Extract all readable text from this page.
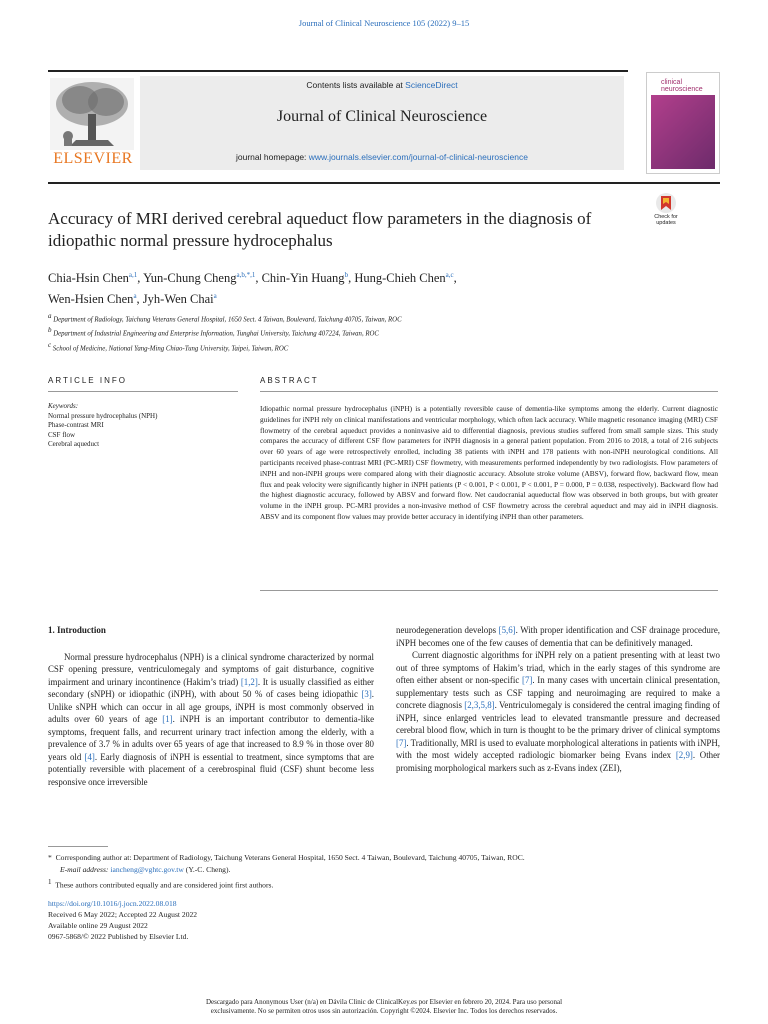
Journal of Clinical Neuroscience 105 (2022) 9–15
ELSEVIER
Contents lists available at ScienceDirect
Journal of Clinical Neuroscience
journal homepage: www.journals.elsevier.com/journal-of-clinical-neuroscience
clinical neuroscience
Check for updates
Accuracy of MRI derived cerebral aqueduct flow parameters in the diagnosis of idiopathic normal pressure hydrocephalus
Chia-Hsin Chen$^{a,1}$, Yun-Chung Cheng$^{a,b,*,1}$, Chin-Yin Huang$^b$, Hung-Chieh Chen$^{a,c}$,
Wen-Hsien Chen$^a$, Jyh-Wen Chai$^a$
$^a$ Department of Radiology, Taichung Veterans General Hospital, 1650 Sect. 4 Taiwan, Boulevard, Taichung 40705, Taiwan, ROC
$^b$ Department of Industrial Engineering and Enterprise Information, Tunghai University, Taichung 407224, Taiwan, ROC
$^c$ School of Medicine, National Yang-Ming Chiao-Tung University, Taipei, Taiwan, ROC
ARTICLE INFO	ABSTRACT
Keywords:
Normal pressure hydrocephalus (NPH)
Phase-contrast MRI
CSF flow
Cerebral aqueduct
Idiopathic normal pressure hydrocephalus (iNPH) is a potentially reversible cause of dementia-like symptoms among the elderly. Current diagnostic guidelines for iNPH rely on clinical manifestations and ventricular morphology, which often lack accuracy. While magnetic resonance imaging (MRI) CSF flowmetry of the cerebral aqueduct provides a noninvasive aid to differential diagnosis, previous studies suffered from small sample sizes. This study compares the accuracy of different CSF flow parameters for iNPH diagnosis in a general patient population. From 2016 to 2018, a total of 216 subjects over 60 years of age were retrospectively enrolled, including 38 patients with iNPH and 178 patients with non-iNPH neurological conditions. All participants received phase-contrast MRI (PC-MRI) CSF flowmetry, with measurements performed independently by two radiologists. Flow parameters of iNPH and non-iNPH groups were compared along with their diagnostic accuracy. Absolute stroke volume (ABSV), forward flow, backward flow, mean flux and peak velocity were significantly higher in iNPH patients (P < 0.001, P < 0.001, P < 0.001, P = 0.000, P = 0.038, respectively). Backward flow had the highest diagnostic accuracy, followed by ABSV and forward flow. Net caudocranial aqueductal flow was observed in both groups, but with greater volume in the iNPH group. PC-MRI provides a non-invasive method of CSF flowmetry across the cerebral aqueduct and may aid in iNPH diagnosis. ABSV and its component flow values may provide better accuracy in identifying iNPH than other parameters.

1. Introduction

Normal pressure hydrocephalus (NPH) is a clinical syndrome characterized by normal CSF opening pressure, ventriculomegaly and symptoms of gait disturbance, cognitive impairment and urinary incontinence (Hakim’s triad) [1,2]. It is usually classified as either secondary (sNPH) or idiopathic (iNPH), with about 50 % of cases being idiopathic [3]. Unlike sNPH which can occur in all age groups, iNPH is most commonly observed in adults over 60 years of age [1]. iNPH is an important contributor to dementia-like symptoms, frequent falls, and recurrent urinary tract infection among the elderly, with a prevalence of 3.7 % in adults over 65 years of age that increased to 8.9 % in those over 80 years old [4]. Early diagnosis of iNPH is essential to treatment, since symptoms that are potentially reversible with placement of a cerebrospinal fluid (CSF) shunt become less responsive once irreversible

neurodegeneration develops [5,6]. With proper identification and CSF drainage procedure, iNPH becomes one of the few causes of dementia that can be definitively managed.

Current diagnostic algorithms for iNPH rely on a patient presenting with at least two out of three symptoms of Hakim’s triad, which in the early stages of this syndrome are often either absent or non-specific [7]. In many cases with uncertain clinical presentation, supplementary tests such as CSF tapping and neuroimaging are required to make a concrete diagnosis [2,3,5,8]. Ventriculomegaly is considered the central imaging finding of iNPH, since enlarged ventricles lead to elevated transmantle pressure and decreased cerebral blood flow, which in turn is thought to be the primary driver of clinical symptoms [7]. Traditionally, MRI is used to evaluate morphological alterations in patients with iNPH, with the most widely accepted radiologic biomarker being Evans index [2,9]. Other promising morphological markers such as z-Evans index (ZEI),

* Corresponding author at: Department of Radiology, Taichung Veterans General Hospital, 1650 Sect. 4 Taiwan, Boulevard, Taichung 40705, Taiwan, ROC.
E-mail address: iancheng@vghtc.gov.tw (Y.-C. Cheng).
$^1$ These authors contributed equally and are considered joint first authors.
https://doi.org/10.1016/j.jocn.2022.08.018
Received 6 May 2022; Accepted 22 August 2022
Available online 29 August 2022
0967-5868/© 2022 Published by Elsevier Ltd.
Descargado para Anonymous User (n/a) en Dávila Clinic de ClinicalKey.es por Elsevier en febrero 20, 2024. Para uso personal
exclusivamente. No se permiten otros usos sin autorización. Copyright ©2024. Elsevier Inc. Todos los derechos reservados.
